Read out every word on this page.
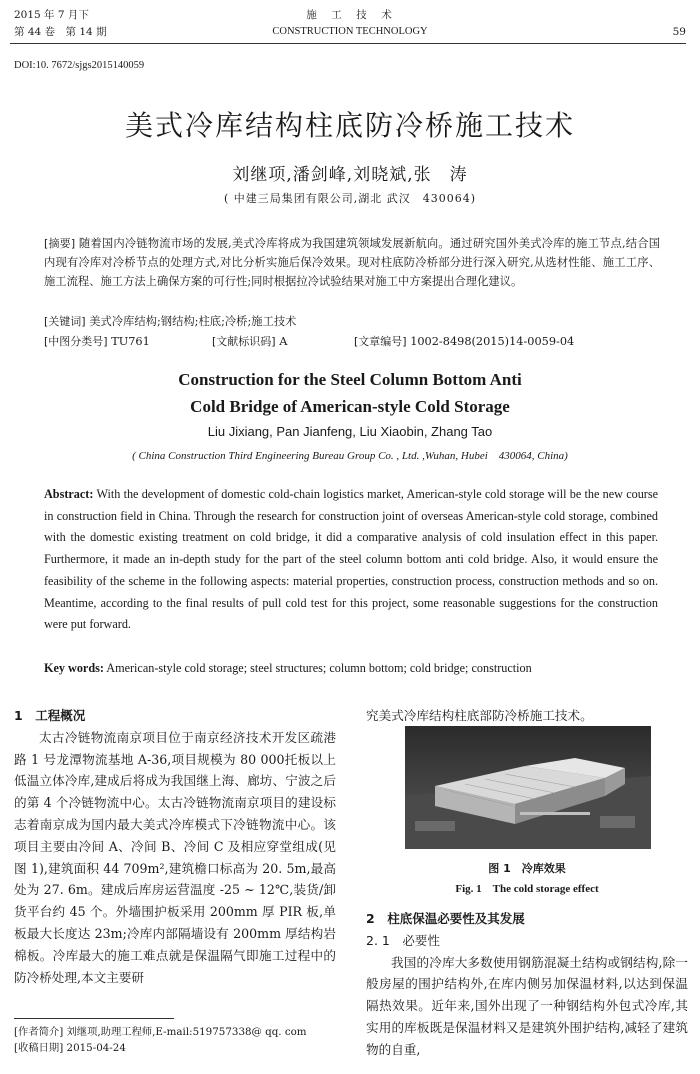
2015 年 7 月下
第 44 卷　第 14 期
施　工　技　术
CONSTRUCTION TECHNOLOGY	59
DOI:10. 7672/sjgs2015140059
美式冷库结构柱底防冷桥施工技术
刘继项,潘剑峰,刘晓斌,张　涛
( 中建三局集团有限公司,湖北 武汉　430064)
[摘要] 随着国内冷链物流市场的发展,美式冷库将成为我国建筑领域发展新航向。通过研究国外美式冷库的施工节点,结合国内现有冷库对冷桥节点的处理方式,对比分析实施后保冷效果。现对柱底防冷桥部分进行深入研究,从选材性能、施工工序、施工流程、施工方法上确保方案的可行性;同时根据拉冷试验结果对施工中方案提出合理化建议。
[关键词] 美式冷库结构;钢结构;柱底;冷桥;施工技术
[中图分类号] TU761	[文献标识码] A	[文章编号] 1002-8498(2015)14-0059-04
Construction for the Steel Column Bottom Anti
Cold Bridge of American-style Cold Storage
Liu Jixiang, Pan Jianfeng, Liu Xiaobin, Zhang Tao
( China Construction Third Engineering Bureau Group Co. , Ltd. ,Wuhan, Hubei　430064, China)
Abstract: With the development of domestic cold-chain logistics market, American-style cold storage will be the new course in construction field in China. Through the research for construction joint of overseas American-style cold storage, combined with the domestic existing treatment on cold bridge, it did a comparative analysis of cold insulation effect in this paper. Furthermore, it made an in-depth study for the part of the steel column bottom anti cold bridge. Also, it would ensure the feasibility of the scheme in the following aspects: material properties, construction process, construction methods and so on. Meantime, according to the final results of pull cold test for this project, some reasonable suggestions for the construction were put forward.
Key words: American-style cold storage; steel structures; column bottom; cold bridge; construction
1　工程概况
太古冷链物流南京项目位于南京经济技术开发区疏港路 1 号龙潭物流基地 A-36,项目规模为 80 000托板以上低温立体冷库,建成后将成为我国继上海、廊坊、宁波之后的第 4 个冷链物流中心。太古冷链物流南京项目的建设标志着南京成为国内最大美式冷库模式下冷链物流中心。该项目主要由冷间 A、冷间 B、冷间 C 及相应穿堂组成(见图 1),建筑面积 44 709m²,建筑檐口标高为 20. 5m,最高处为 27. 6m。建成后库房运营温度 -25 ~ 12℃,装货/卸货平台约 45 个。外墙围护板采用 200mm 厚 PIR 板,单板最大长度达 23m;冷库内部隔墙设有 200mm 厚结构岩棉板。冷库最大的施工难点就是保温隔气即施工过程中的防冷桥处理,本文主要研
究美式冷库结构柱底部防冷桥施工技术。
图 1　冷库效果
Fig. 1　The cold storage effect
2　柱底保温必要性及其发展
2. 1　必要性
我国的冷库大多数使用钢筋混凝土结构或钢结构,除一般房屋的围护结构外,在库内侧另加保温材料,以达到保温隔热效果。近年来,国外出现了一种钢结构外包式冷库,其实用的库板既是保温材料又是建筑外围护结构,减轻了建筑物的自重,
[作者简介] 刘继项,助理工程师,E-mail:519757338@ qq. com
[收稿日期] 2015-04-24
